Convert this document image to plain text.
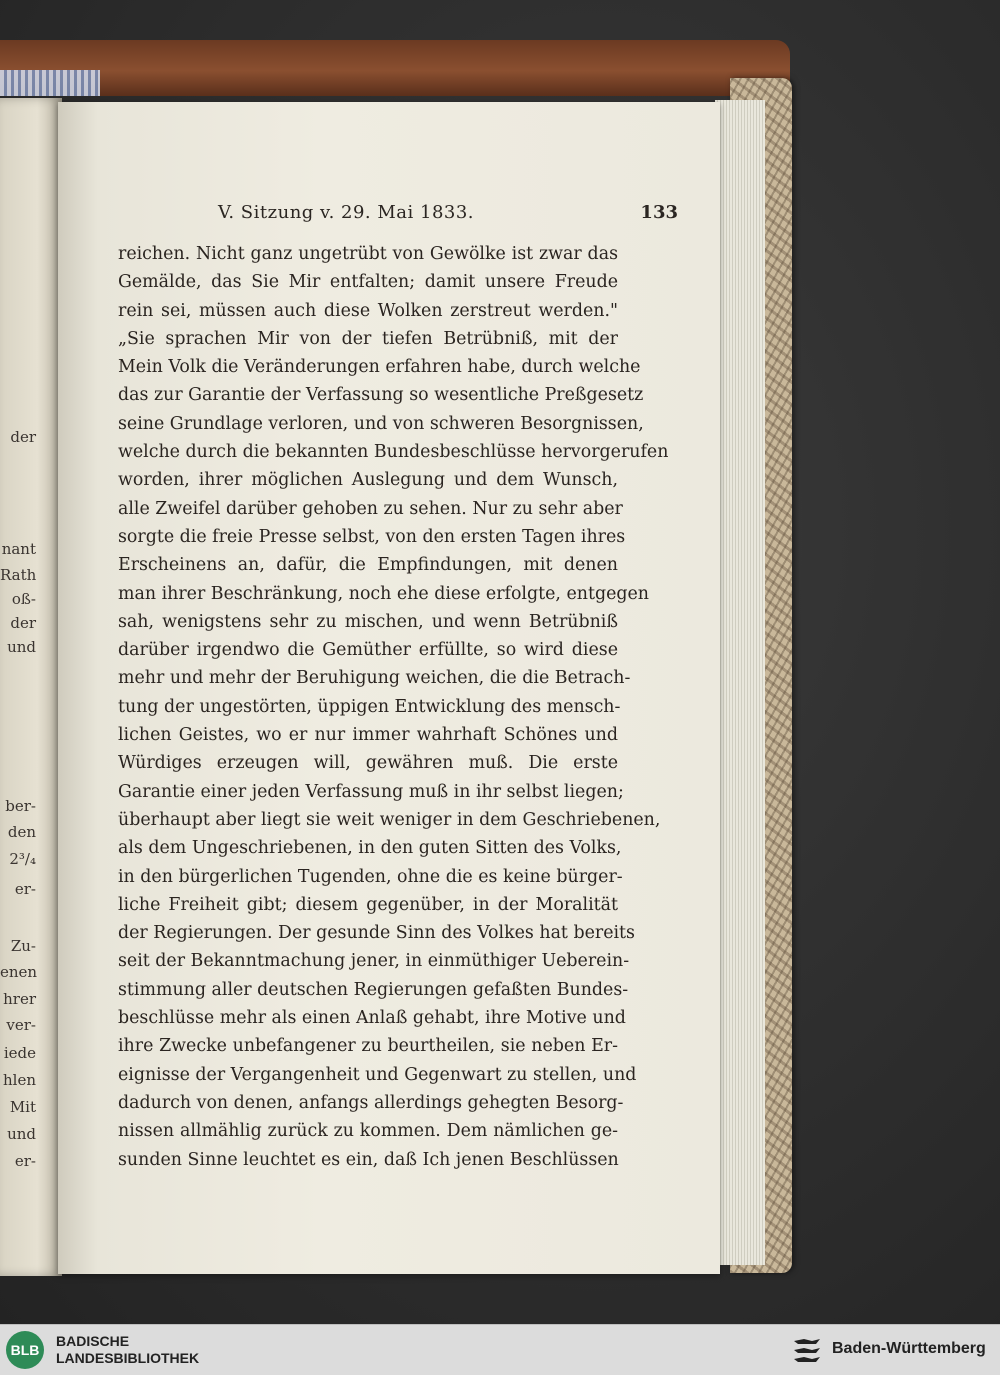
der
nant
Rath
oß-
der
und
ber-
den
2³/₄
er-
Zu-
enen
hrer
ver-
iede
hlen
Mit
und
er-
V. Sitzung v. 29. Mai 1833.	133
reichen. Nicht ganz ungetrübt von Gewölke ist zwar das
Gemälde, das Sie Mir entfalten; damit unsere Freude
rein sei, müssen auch diese Wolken zerstreut werden."
„Sie sprachen Mir von der tiefen Betrübniß, mit der
Mein Volk die Veränderungen erfahren habe, durch welche
das zur Garantie der Verfassung so wesentliche Preßgesetz
seine Grundlage verloren, und von schweren Besorgnissen,
welche durch die bekannten Bundesbeschlüsse hervorgerufen
worden, ihrer möglichen Auslegung und dem Wunsch,
alle Zweifel darüber gehoben zu sehen. Nur zu sehr aber
sorgte die freie Presse selbst, von den ersten Tagen ihres
Erscheinens an, dafür, die Empfindungen, mit denen
man ihrer Beschränkung, noch ehe diese erfolgte, entgegen
sah, wenigstens sehr zu mischen, und wenn Betrübniß
darüber irgendwo die Gemüther erfüllte, so wird diese
mehr und mehr der Beruhigung weichen, die die Betrach-
tung der ungestörten, üppigen Entwicklung des mensch-
lichen Geistes, wo er nur immer wahrhaft Schönes und
Würdiges erzeugen will, gewähren muß. Die erste
Garantie einer jeden Verfassung muß in ihr selbst liegen;
überhaupt aber liegt sie weit weniger in dem Geschriebenen,
als dem Ungeschriebenen, in den guten Sitten des Volks,
in den bürgerlichen Tugenden, ohne die es keine bürger-
liche Freiheit gibt; diesem gegenüber, in der Moralität
der Regierungen. Der gesunde Sinn des Volkes hat bereits
seit der Bekanntmachung jener, in einmüthiger Ueberein-
stimmung aller deutschen Regierungen gefaßten Bundes-
beschlüsse mehr als einen Anlaß gehabt, ihre Motive und
ihre Zwecke unbefangener zu beurtheilen, sie neben Er-
eignisse der Vergangenheit und Gegenwart zu stellen, und
dadurch von denen, anfangs allerdings gehegten Besorg-
nissen allmählig zurück zu kommen. Dem nämlichen ge-
sunden Sinne leuchtet es ein, daß Ich jenen Beschlüssen
BLB
BADISCHE
LANDESBIBLIOTHEK
Baden-Württemberg
